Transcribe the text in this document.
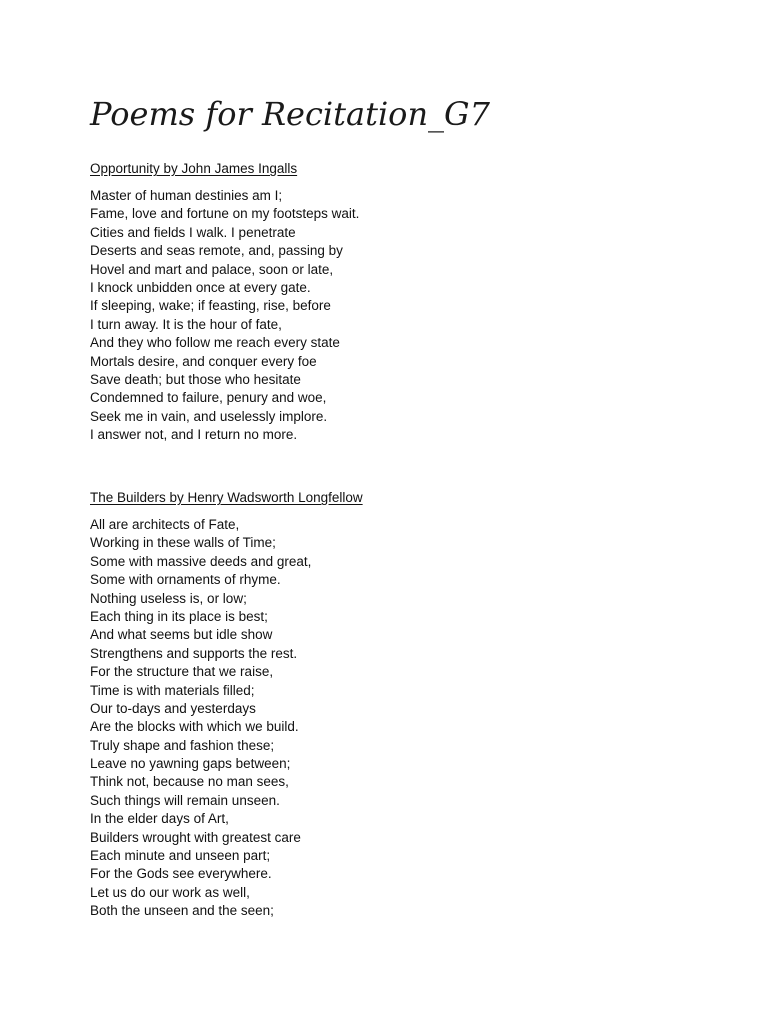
Poems for Recitation_G7
Opportunity by John James Ingalls
Master of human destinies am I;
Fame, love and fortune on my footsteps wait.
Cities and fields I walk. I penetrate
Deserts and seas remote, and, passing by
Hovel and mart and palace, soon or late,
I knock unbidden once at every gate.
If sleeping, wake; if feasting, rise, before
I turn away. It is the hour of fate,
And they who follow me reach every state
Mortals desire, and conquer every foe
Save death; but those who hesitate
Condemned to failure, penury and woe,
Seek me in vain, and uselessly implore.
I answer not, and I return no more.
The Builders by Henry Wadsworth Longfellow
All are architects of Fate,
Working in these walls of Time;
Some with massive deeds and great,
Some with ornaments of rhyme.
Nothing useless is, or low;
Each thing in its place is best;
And what seems but idle show
Strengthens and supports the rest.
For the structure that we raise,
Time is with materials filled;
Our to-days and yesterdays
Are the blocks with which we build.
Truly shape and fashion these;
Leave no yawning gaps between;
Think not, because no man sees,
Such things will remain unseen.
In the elder days of Art,
Builders wrought with greatest care
Each minute and unseen part;
For the Gods see everywhere.
Let us do our work as well,
Both the unseen and the seen;
